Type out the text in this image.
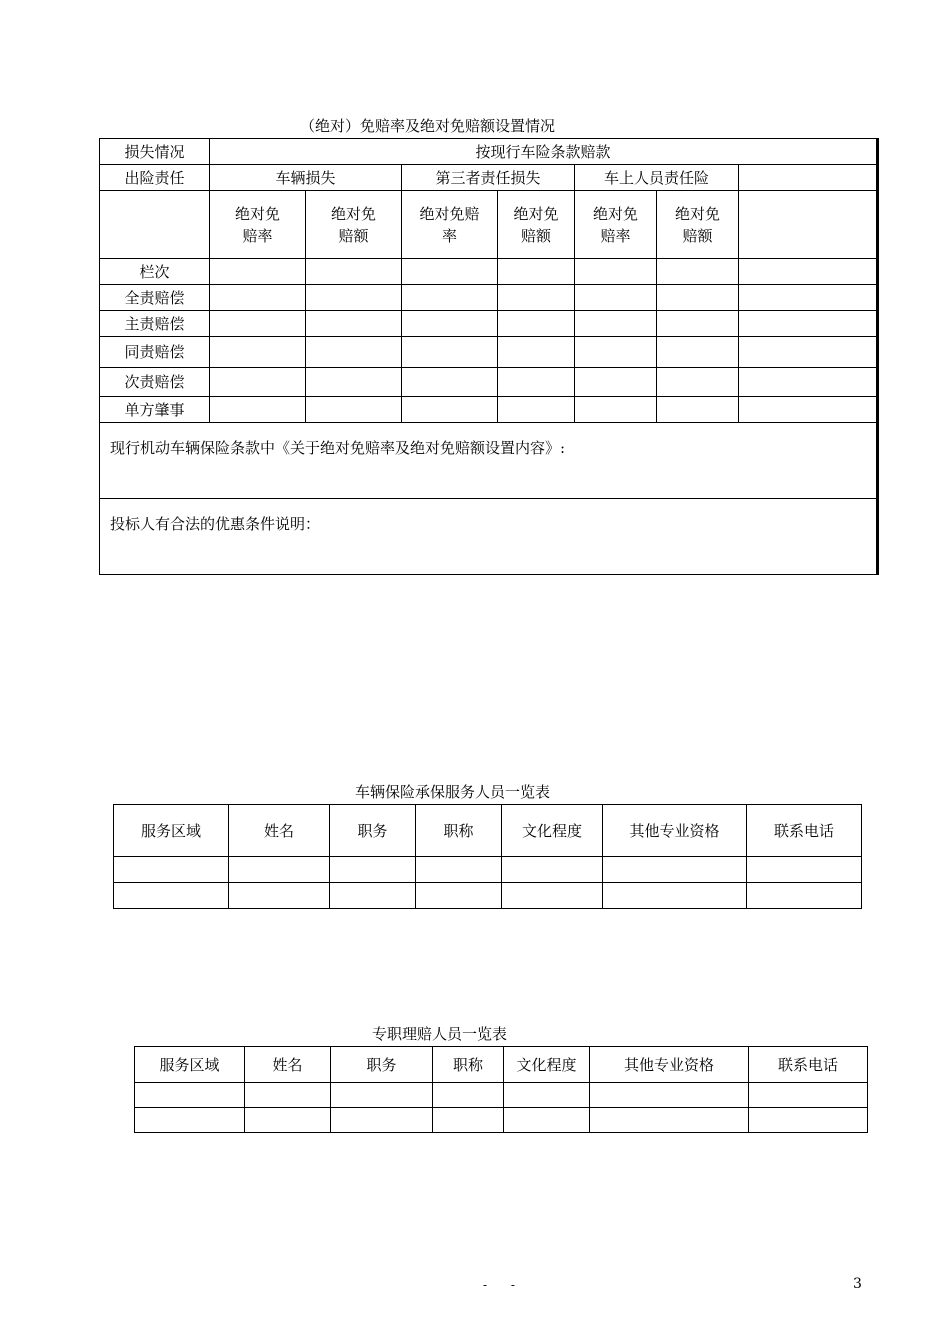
（绝对）免赔率及绝对免赔额设置情况
损失情况	按现行车险条款赔款						
出险责任	车辆损失		第三者责任损失		车上人员责任险		
	绝对免赔率	绝对免赔额	绝对免赔率	绝对免赔额	绝对免赔率	绝对免赔额	
栏次							
全责赔偿							
主责赔偿							
同责赔偿							
次责赔偿							
单方肇事							
现行机动车辆保险条款中《关于绝对免赔率及绝对免赔额设置内容》:							
投标人有合法的优惠条件说明：							
车辆保险承保服务人员一览表
服务区域	姓名	职务	职称	文化程度	其他专业资格	联系电话

专职理赔人员一览表
服务区域	姓名	职务	职称	文化程度	其他专业资格	联系电话

- -	3
